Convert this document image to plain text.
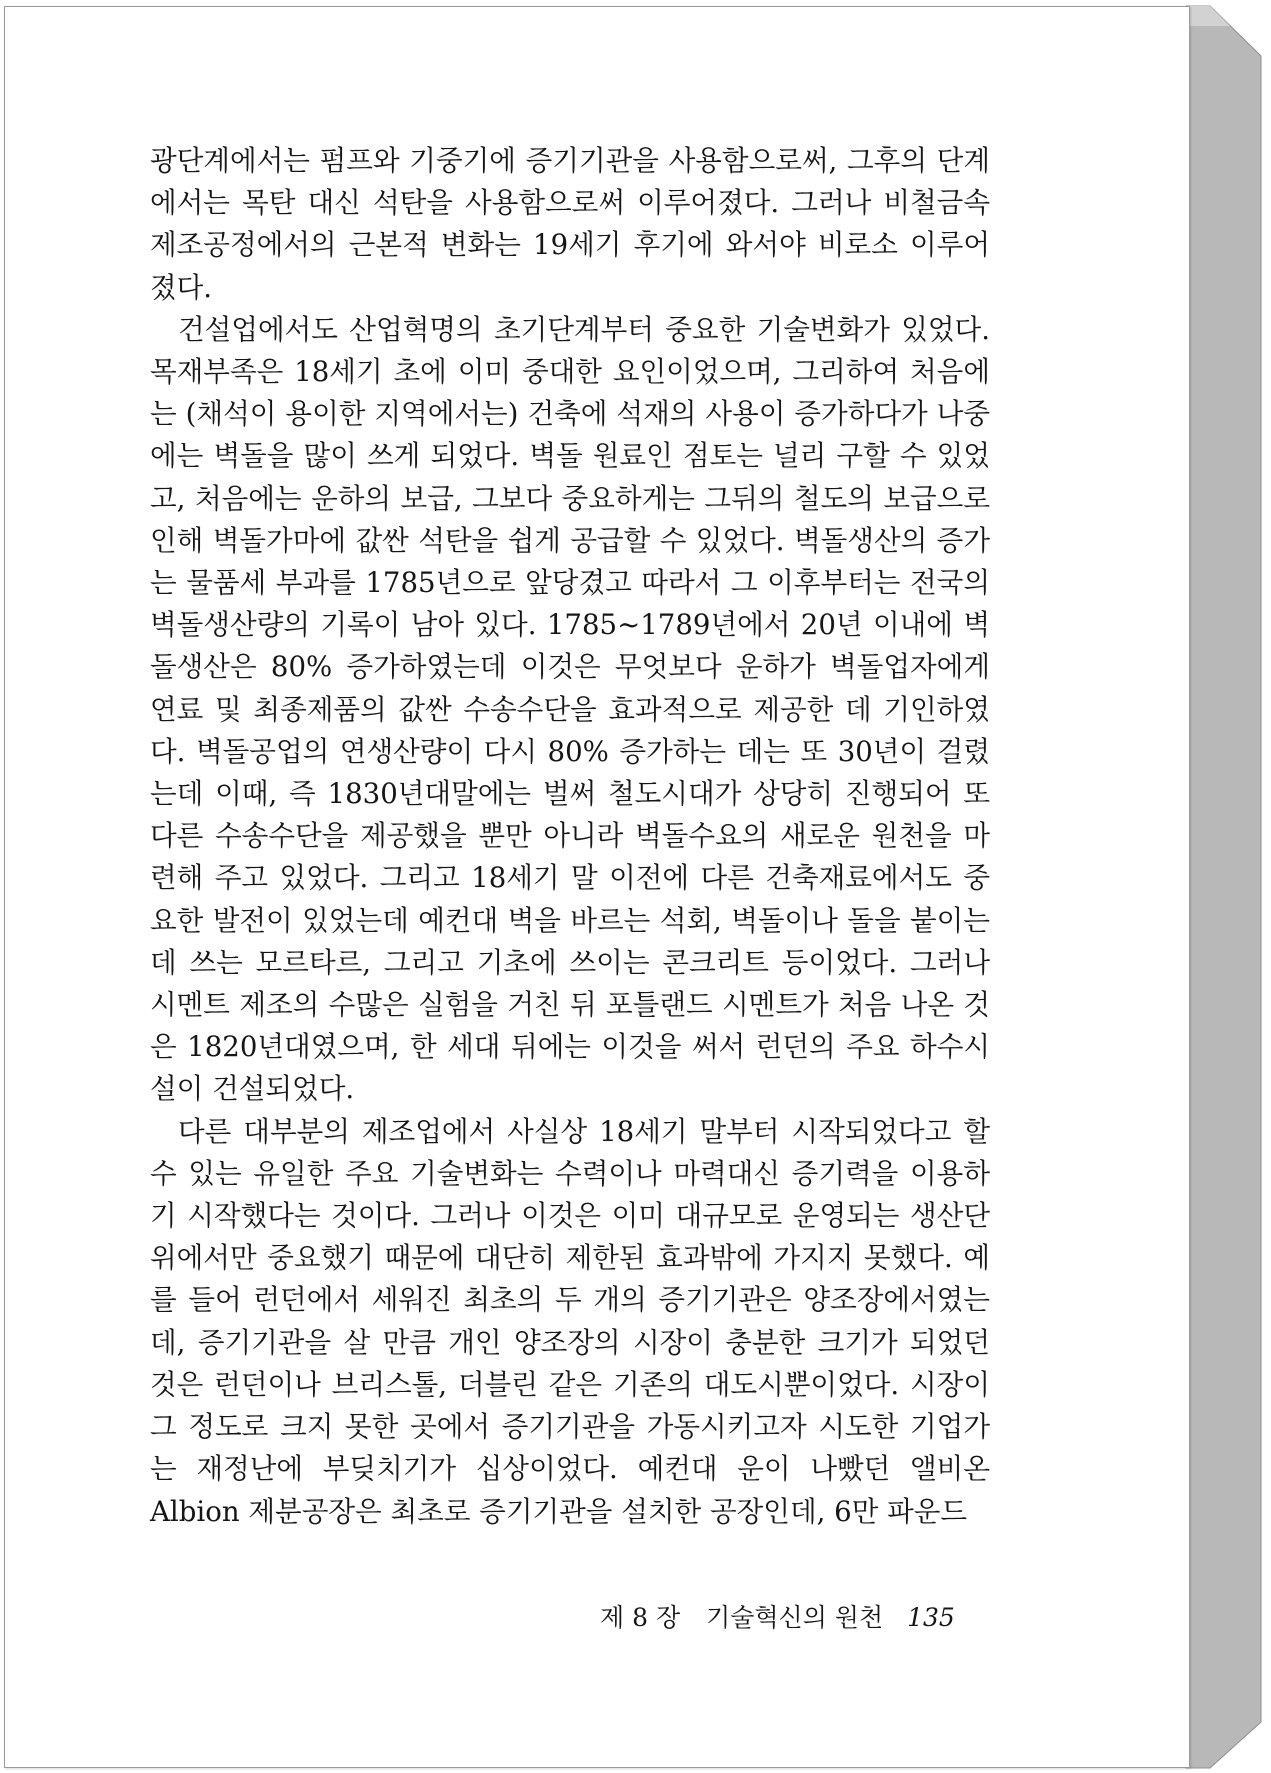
광단계에서는 펌프와 기중기에 증기기관을 사용함으로써, 그후의 단계에서는 목탄 대신 석탄을 사용함으로써 이루어졌다. 그러나 비철금속 제조공정에서의 근본적 변화는 19세기 후기에 와서야 비로소 이루어졌다.

건설업에서도 산업혁명의 초기단계부터 중요한 기술변화가 있었다. 목재부족은 18세기 초에 이미 중대한 요인이었으며, 그리하여 처음에는 (채석이 용이한 지역에서는) 건축에 석재의 사용이 증가하다가 나중에는 벽돌을 많이 쓰게 되었다. 벽돌 원료인 점토는 널리 구할 수 있었고, 처음에는 운하의 보급, 그보다 중요하게는 그뒤의 철도의 보급으로 인해 벽돌가마에 값싼 석탄을 쉽게 공급할 수 있었다. 벽돌생산의 증가는 물품세 부과를 1785년으로 앞당겼고 따라서 그 이후부터는 전국의 벽돌생산량의 기록이 남아 있다. 1785~1789년에서 20년 이내에 벽돌생산은 80% 증가하였는데 이것은 무엇보다 운하가 벽돌업자에게 연료 및 최종제품의 값싼 수송수단을 효과적으로 제공한 데 기인하였다. 벽돌공업의 연생산량이 다시 80% 증가하는 데는 또 30년이 걸렸는데 이때, 즉 1830년대말에는 벌써 철도시대가 상당히 진행되어 또다른 수송수단을 제공했을 뿐만 아니라 벽돌수요의 새로운 원천을 마련해 주고 있었다. 그리고 18세기 말 이전에 다른 건축재료에서도 중요한 발전이 있었는데 예컨대 벽을 바르는 석회, 벽돌이나 돌을 붙이는 데 쓰는 모르타르, 그리고 기초에 쓰이는 콘크리트 등이었다. 그러나 시멘트 제조의 수많은 실험을 거친 뒤 포틀랜드 시멘트가 처음 나온 것은 1820년대였으며, 한 세대 뒤에는 이것을 써서 런던의 주요 하수시설이 건설되었다.

다른 대부분의 제조업에서 사실상 18세기 말부터 시작되었다고 할 수 있는 유일한 주요 기술변화는 수력이나 마력대신 증기력을 이용하기 시작했다는 것이다. 그러나 이것은 이미 대규모로 운영되는 생산단위에서만 중요했기 때문에 대단히 제한된 효과밖에 가지지 못했다. 예를 들어 런던에서 세워진 최초의 두 개의 증기기관은 양조장에서였는데, 증기기관을 살 만큼 개인 양조장의 시장이 충분한 크기가 되었던 것은 런던이나 브리스톨, 더블린 같은 기존의 대도시뿐이었다. 시장이 그 정도로 크지 못한 곳에서 증기기관을 가동시키고자 시도한 기업가는 재정난에 부딪치기가 십상이었다. 예컨대 운이 나빴던 앨비온 Albion 제분공장은 최초로 증기기관을 설치한 공장인데, 6만 파운드

제 8 장 기술혁신의 원천 135
